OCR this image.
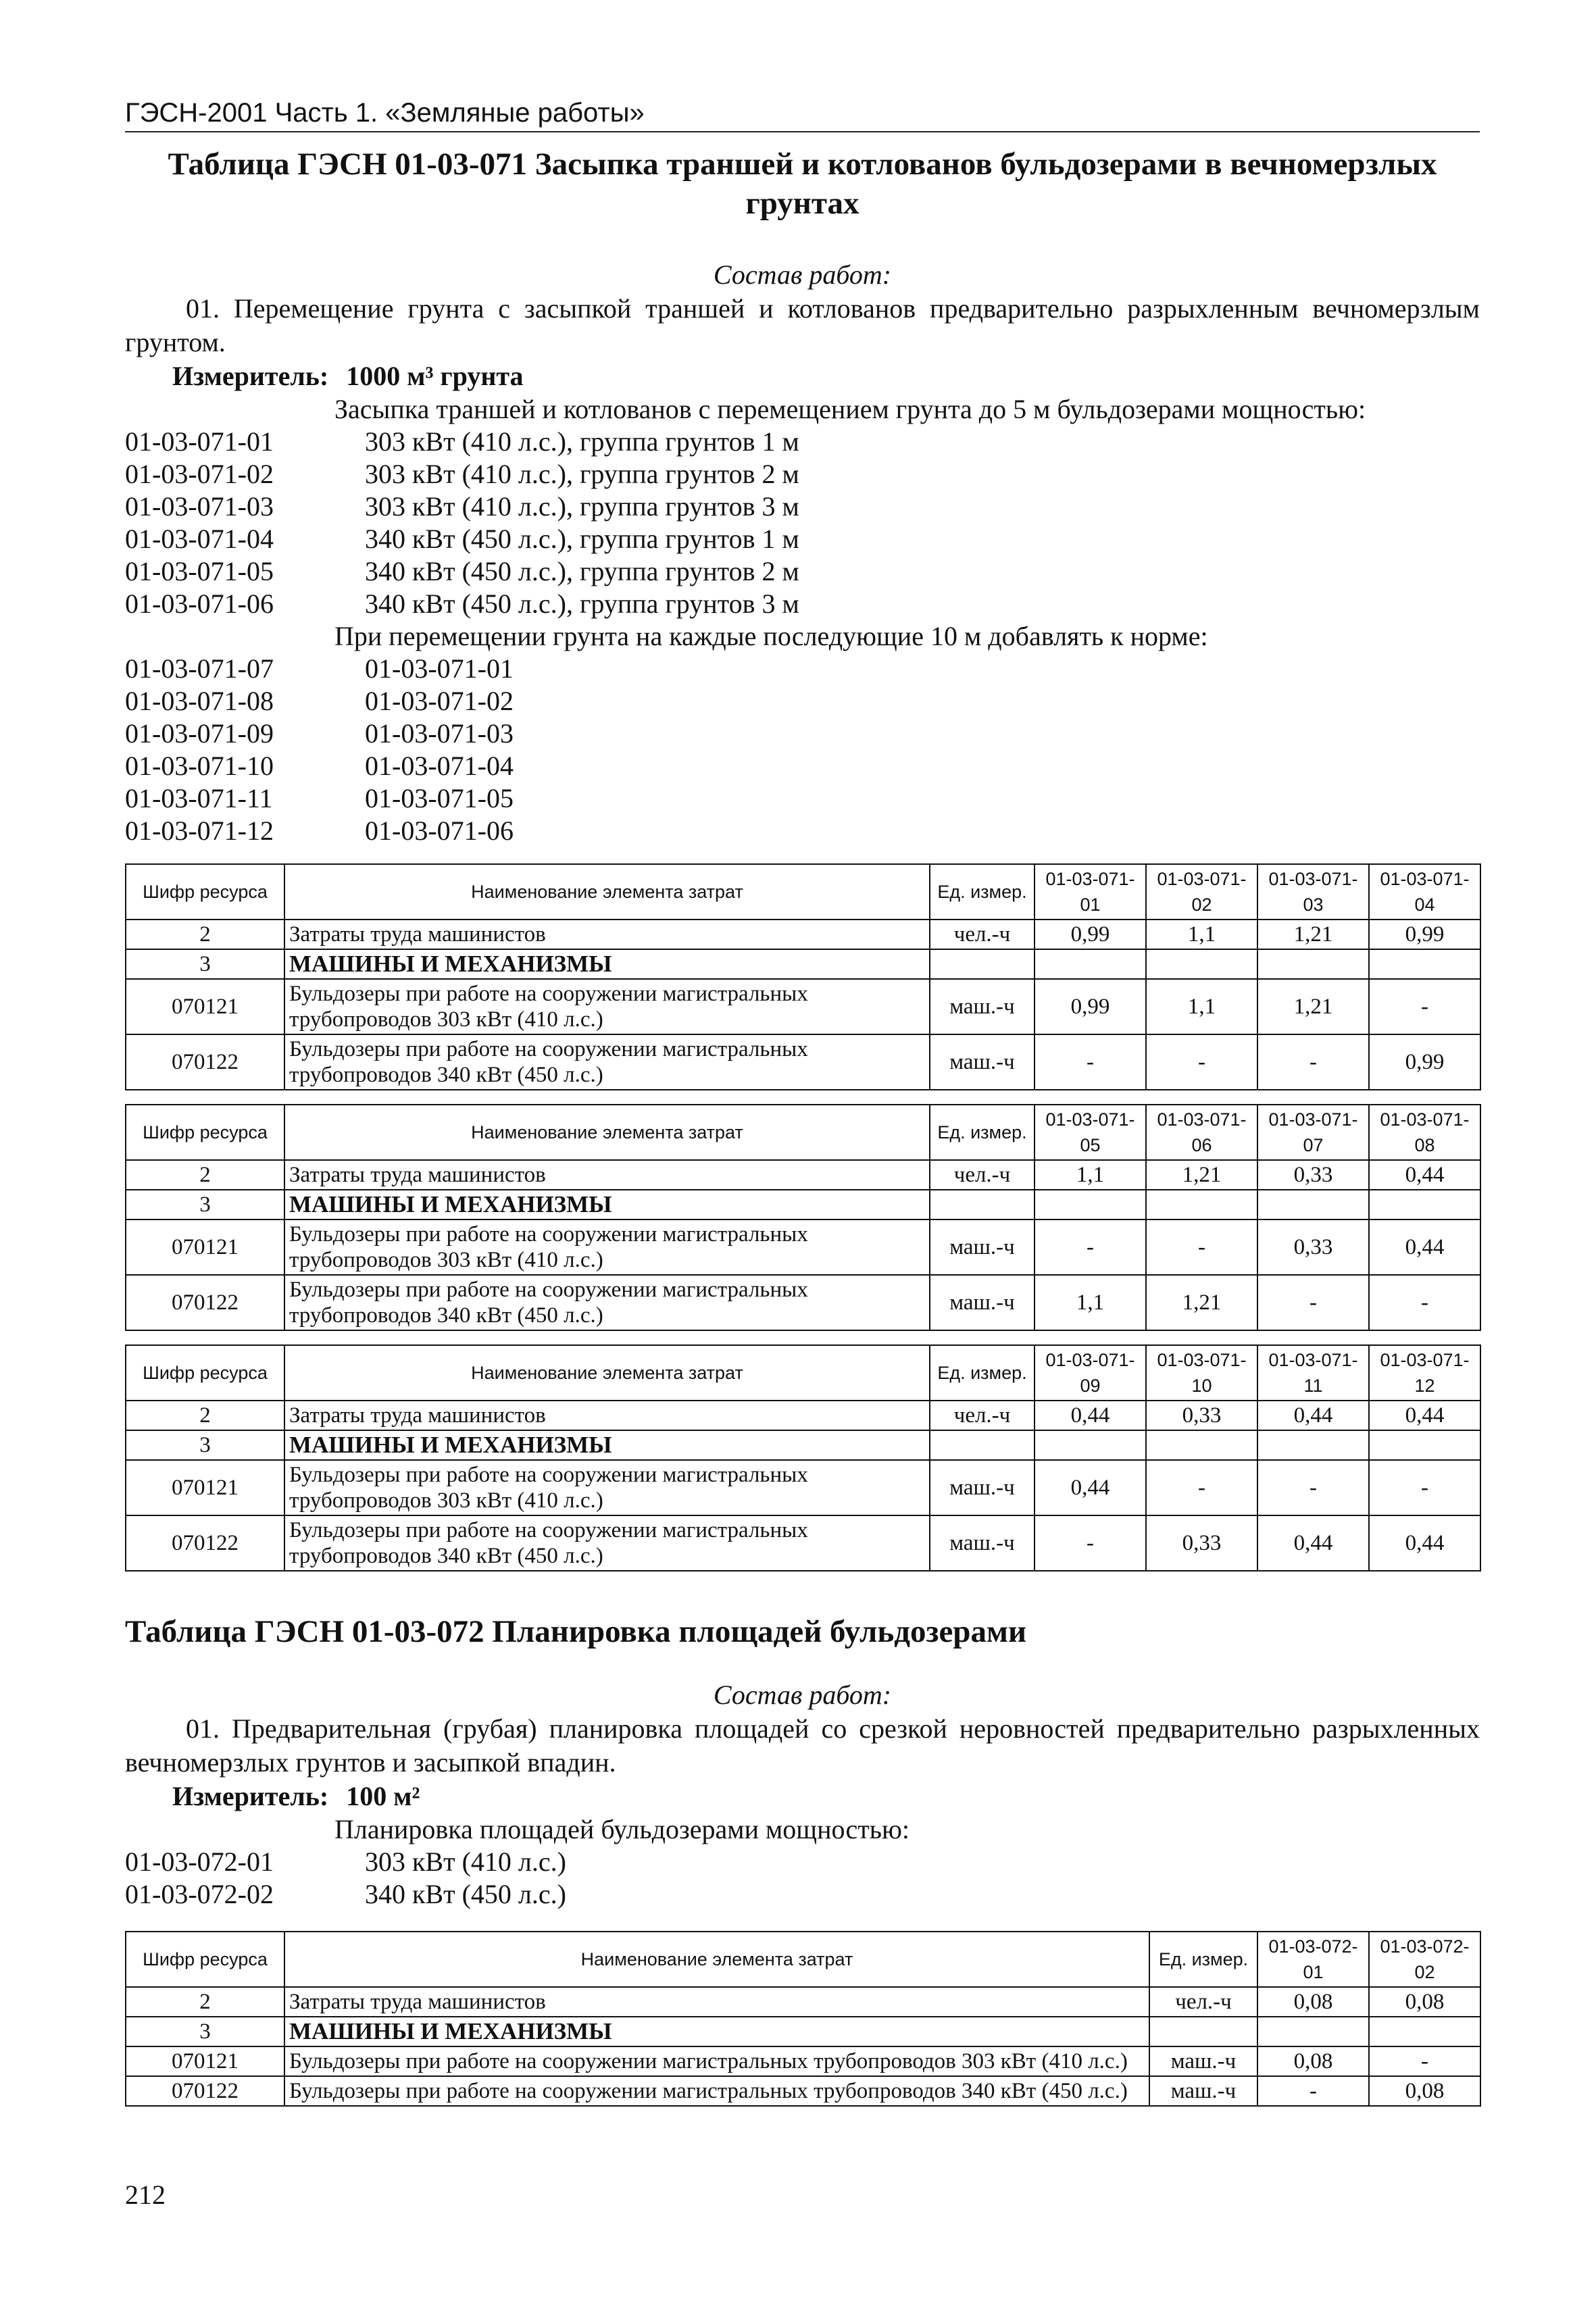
ГЭСН-2001 Часть 1. «Земляные работы»
Таблица ГЭСН 01-03-071 Засыпка траншей и котлованов бульдозерами в вечномерзлых
грунтах
Состав работ:
01. Перемещение грунта с засыпкой траншей и котлованов предварительно разрыхленным вечномерзлым грунтом.
Измеритель: 1000 м³ грунта
Засыпка траншей и котлованов с перемещением грунта до 5 м бульдозерами мощностью:
01-03-071-01	303 кВт (410 л.с.), группа грунтов 1 м
01-03-071-02	303 кВт (410 л.с.), группа грунтов 2 м
01-03-071-03	303 кВт (410 л.с.), группа грунтов 3 м
01-03-071-04	340 кВт (450 л.с.), группа грунтов 1 м
01-03-071-05	340 кВт (450 л.с.), группа грунтов 2 м
01-03-071-06	340 кВт (450 л.с.), группа грунтов 3 м
При перемещении грунта на каждые последующие 10 м добавлять к норме:
01-03-071-07	01-03-071-01
01-03-071-08	01-03-071-02
01-03-071-09	01-03-071-03
01-03-071-10	01-03-071-04
01-03-071-11	01-03-071-05
01-03-071-12	01-03-071-06
Шифр ресурса	Наименование элемента затрат	Ед. измер.	01-03-071-01	01-03-071-02	01-03-071-03	01-03-071-04
2	Затраты труда машинистов	чел.-ч	0,99	1,1	1,21	0,99
3	МАШИНЫ И МЕХАНИЗМЫ					
070121	Бульдозеры при работе на сооружении магистральных трубопроводов 303 кВт (410 л.с.)	маш.-ч	0,99	1,1	1,21	-
070122	Бульдозеры при работе на сооружении магистральных трубопроводов 340 кВт (450 л.с.)	маш.-ч	-	-	-	0,99
Шифр ресурса	Наименование элемента затрат	Ед. измер.	01-03-071-05	01-03-071-06	01-03-071-07	01-03-071-08
2	Затраты труда машинистов	чел.-ч	1,1	1,21	0,33	0,44
3	МАШИНЫ И МЕХАНИЗМЫ					
070121	Бульдозеры при работе на сооружении магистральных трубопроводов 303 кВт (410 л.с.)	маш.-ч	-	-	0,33	0,44
070122	Бульдозеры при работе на сооружении магистральных трубопроводов 340 кВт (450 л.с.)	маш.-ч	1,1	1,21	-	-
Шифр ресурса	Наименование элемента затрат	Ед. измер.	01-03-071-09	01-03-071-10	01-03-071-11	01-03-071-12
2	Затраты труда машинистов	чел.-ч	0,44	0,33	0,44	0,44
3	МАШИНЫ И МЕХАНИЗМЫ					
070121	Бульдозеры при работе на сооружении магистральных трубопроводов 303 кВт (410 л.с.)	маш.-ч	0,44	-	-	-
070122	Бульдозеры при работе на сооружении магистральных трубопроводов 340 кВт (450 л.с.)	маш.-ч	-	0,33	0,44	0,44
Таблица ГЭСН 01-03-072 Планировка площадей бульдозерами
Состав работ:
01. Предварительная (грубая) планировка площадей со срезкой неровностей предварительно разрыхленных вечномерзлых грунтов и засыпкой впадин.
Измеритель: 100 м²
Планировка площадей бульдозерами мощностью:
01-03-072-01	303 кВт (410 л.с.)
01-03-072-02	340 кВт (450 л.с.)
Шифр ресурса	Наименование элемента затрат	Ед. измер.	01-03-072-01	01-03-072-02
2	Затраты труда машинистов	чел.-ч	0,08	0,08
3	МАШИНЫ И МЕХАНИЗМЫ			
070121	Бульдозеры при работе на сооружении магистральных трубопроводов 303 кВт (410 л.с.)	маш.-ч	0,08	-
070122	Бульдозеры при работе на сооружении магистральных трубопроводов 340 кВт (450 л.с.)	маш.-ч	-	0,08
212
